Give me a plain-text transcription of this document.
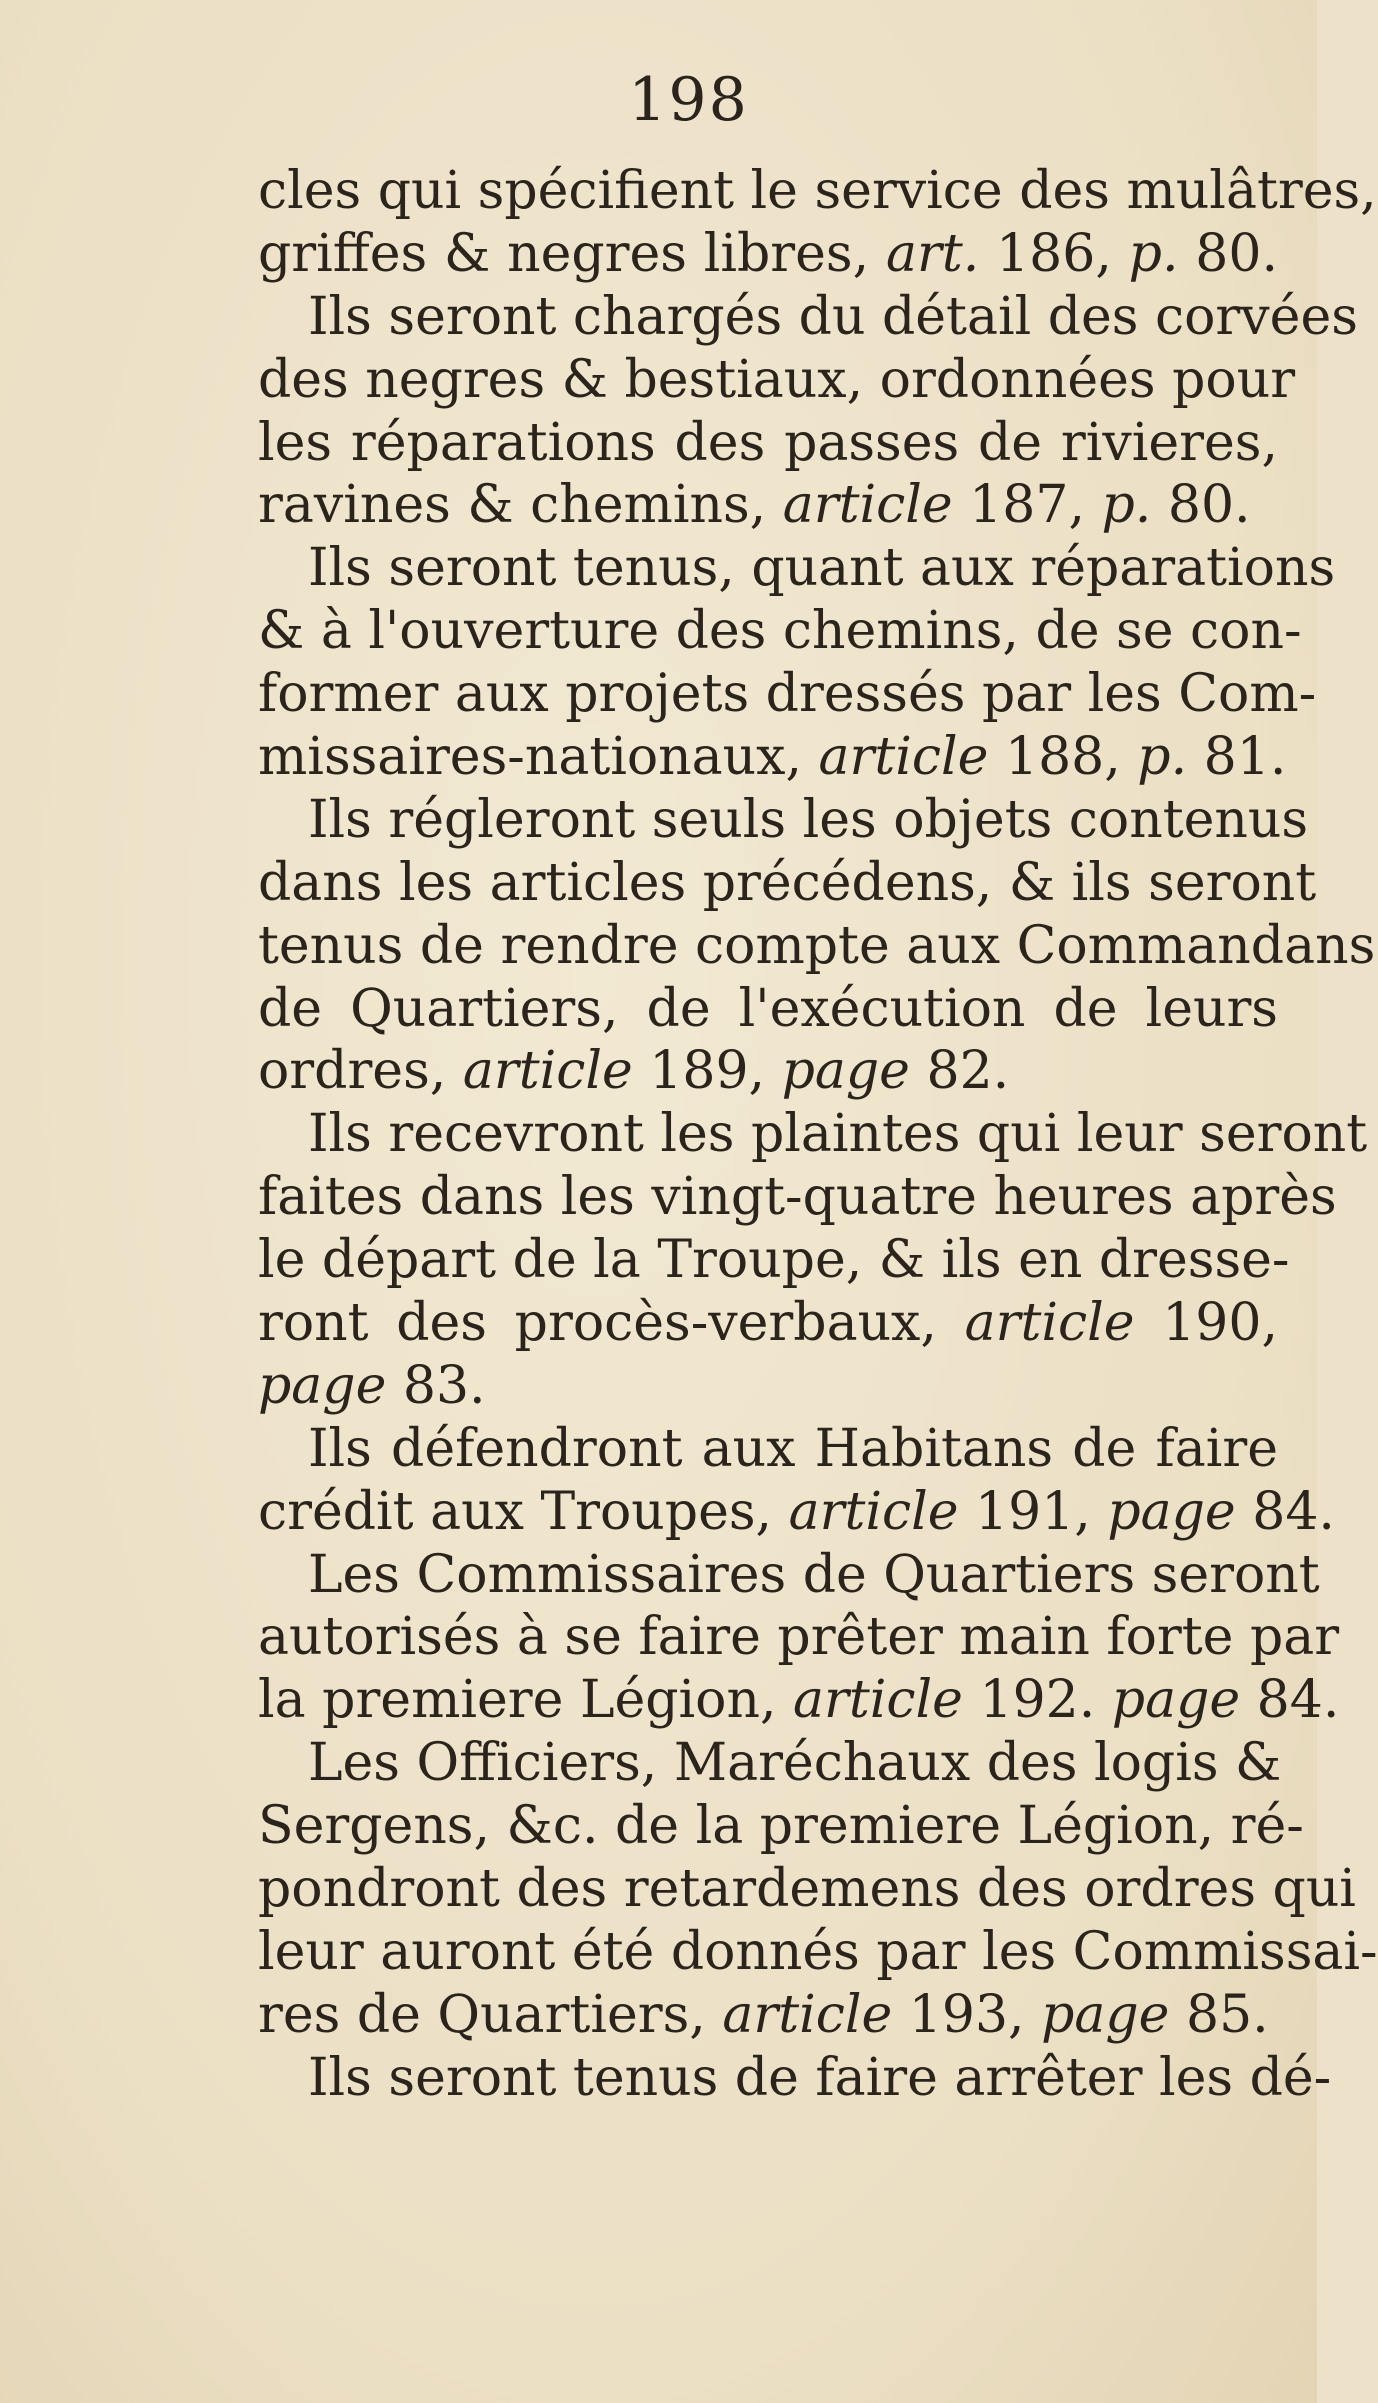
198
cles qui spécifient le service des mulâtres,
griffes & negres libres, art. 186, p. 80.
Ils seront chargés du détail des corvées
des negres & bestiaux, ordonnées pour
les réparations des passes de rivieres,
ravines & chemins, article 187, p. 80.
Ils seront tenus, quant aux réparations
& à l'ouverture des chemins, de se con-
former aux projets dressés par les Com-
missaires-nationaux, article 188, p. 81.
Ils régleront seuls les objets contenus
dans les articles précédens, & ils seront
tenus de rendre compte aux Commandans
de Quartiers, de l'exécution de leurs
ordres, article 189, page 82.
Ils recevront les plaintes qui leur seront
faites dans les vingt-quatre heures après
le départ de la Troupe, & ils en dresse-
ront des procès-verbaux, article 190,
page 83.
Ils défendront aux Habitans de faire
crédit aux Troupes, article 191, page 84.
Les Commissaires de Quartiers seront
autorisés à se faire prêter main forte par
la premiere Légion, article 192. page 84.
Les Officiers, Maréchaux des logis &
Sergens, &c. de la premiere Légion, ré-
pondront des retardemens des ordres qui
leur auront été donnés par les Commissai-
res de Quartiers, article 193, page 85.
Ils seront tenus de faire arrêter les dé-
